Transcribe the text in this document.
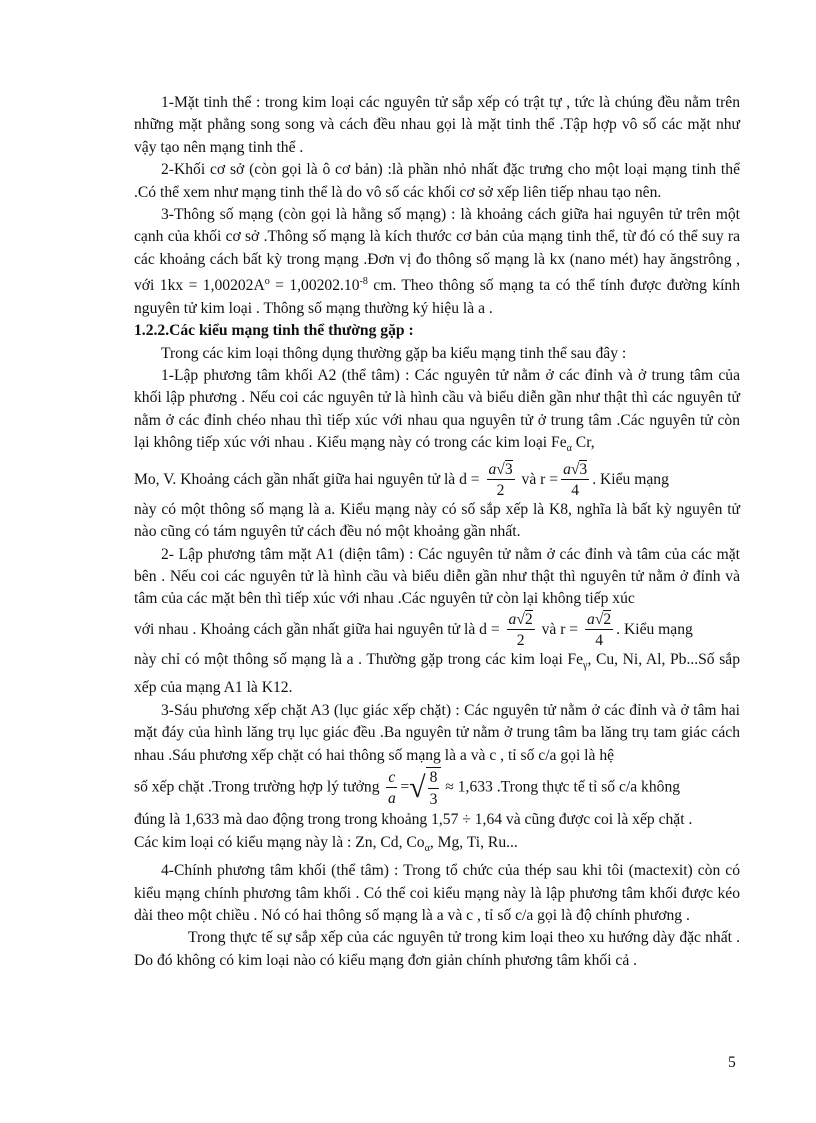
1-Mặt tinh thể : trong kim loại các nguyên tử sắp xếp có trật tự , tức là chúng đều nằm trên những mặt phẳng song song và cách đều nhau gọi là mặt tinh thể .Tập hợp vô số các mặt như vậy tạo nên mạng tinh thể .

2-Khối cơ sở (còn gọi là ô cơ bản) :là phần nhỏ nhất đặc trưng cho một loại mạng tinh thể .Có thể xem như mạng tinh thể là do vô số các khối cơ sở xếp liên tiếp nhau tạo nên.

3-Thông số mạng (còn gọi là hằng số mạng) : là khoảng cách giữa hai nguyên tử trên một cạnh của khối cơ sở .Thông số mạng là kích thước cơ bản của mạng tinh thể, từ đó có thể suy ra các khoảng cách bất kỳ trong mạng .Đơn vị đo thông số mạng là kx (nano mét) hay ăngstrông , với $1kx = 1,00202A^o = 1,00202.10^{-8}$ cm. Theo thông số mạng ta có thể tính được đường kính nguyên tử kim loại . Thông số mạng thường ký hiệu là a .

1.2.2.Các kiểu mạng tinh thể thường gặp :

Trong các kim loại thông dụng thường gặp ba kiểu mạng tinh thể sau đây :

1-Lập phương tâm khối A2 (thể tâm) : Các nguyên tử nằm ở các đỉnh và ở trung tâm của khối lập phương . Nếu coi các nguyên tử là hình cầu và biểu diễn gần như thật thì các nguyên tử nằm ở các đỉnh chéo nhau thì tiếp xúc với nhau qua nguyên tử ở trung tâm .Các nguyên tử còn lại không tiếp xúc với nhau . Kiểu mạng này có trong các kim loại $Fe_\alpha$ Cr,

Mo, V. Khoảng cách gần nhất giữa hai nguyên tử là $d = \frac{a√3}{2}$ và $r = \frac{a√3}{4}$ . Kiểu mạng

này có một thông số mạng là a. Kiểu mạng này có số sắp xếp là K8, nghĩa là bất kỳ nguyên tử nào cũng có tám nguyên tử cách đều nó một khoảng gần nhất.

2- Lập phương tâm mặt A1 (diện tâm) : Các nguyên tử nằm ở các đỉnh và tâm của các mặt bên . Nếu coi các nguyên tử là hình cầu và biểu diễn gần như thật thì nguyên tử nằm ở đỉnh và tâm của các mặt bên thì tiếp xúc với nhau .Các nguyên tử còn lại không tiếp xúc

với nhau . Khoảng cách gần nhất giữa hai nguyên tử là $d = \frac{a√2}{2}$ và $r = \frac{a√2}{4}$ . Kiểu mạng

này chỉ có một thông số mạng là a . Thường gặp trong các kim loại $Fe_\gamma$, Cu, Ni, Al, Pb...Số sắp xếp của mạng A1 là K12.

3-Sáu phương xếp chặt A3 (lục giác xếp chặt) : Các nguyên tử nằm ở các đỉnh và ở tâm hai mặt đáy của hình lăng trụ lục giác đều .Ba nguyên tử nằm ở trung tâm ba lăng trụ tam giác cách nhau .Sáu phương xếp chặt có hai thông số mạng là a và c , tỉ số c/a gọi là hệ

số xếp chặt .Trong trường hợp lý tưởng $\frac{c}{a}$ =√ $\frac{8}{3} \approx 1,633$ .Trong thực tế tỉ số c/a không

đúng là 1,633 mà dao động trong trong khoảng 1,57 ÷ 1,64 và cũng được coi là xếp chặt .

Các kim loại có kiểu mạng này là : Zn, Cd, $Co_\alpha$, Mg, Ti, Ru...

4-Chính phương tâm khối (thể tâm) : Trong tổ chức của thép sau khi tôi (mactexit) còn có kiểu mạng chính phương tâm khối . Có thể coi kiểu mạng này là lập phương tâm khối được kéo dài theo một chiều . Nó có hai thông số mạng là a và c , tỉ số c/a gọi là độ chính phương .

Trong thực tế sự sắp xếp của các nguyên tử trong kim loại theo xu hướng dày đặc nhất . Do đó không có kim loại nào có kiểu mạng đơn giản chính phương tâm khối cả .

5
